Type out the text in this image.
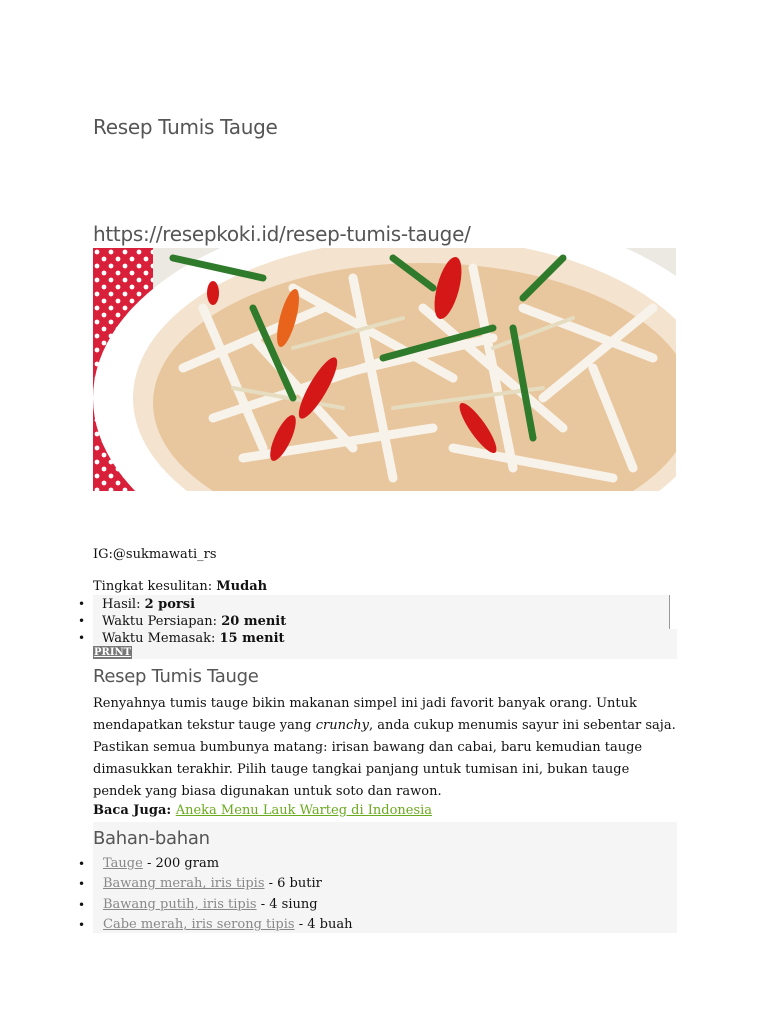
Resep Tumis Tauge
https://resepkoki.id/resep-tumis-tauge/
IG:@sukmawati_rs
Tingkat kesulitan: Mudah
• Hasil: 2 porsi
• Waktu Persiapan: 20 menit
• Waktu Memasak: 15 menit
PRINT
Resep Tumis Tauge

Renyahnya tumis tauge bikin makanan simpel ini jadi favorit banyak orang. Untuk mendapatkan tekstur tauge yang crunchy, anda cukup menumis sayur ini sebentar saja. Pastikan semua bumbunya matang: irisan bawang dan cabai, baru kemudian tauge dimasukkan terakhir. Pilih tauge tangkai panjang untuk tumisan ini, bukan tauge pendek yang biasa digunakan untuk soto dan rawon.

Baca Juga: Aneka Menu Lauk Warteg di Indonesia
Bahan-bahan
• Tauge - 200 gram
• Bawang merah, iris tipis - 6 butir
• Bawang putih, iris tipis - 4 siung
• Cabe merah, iris serong tipis - 4 buah
